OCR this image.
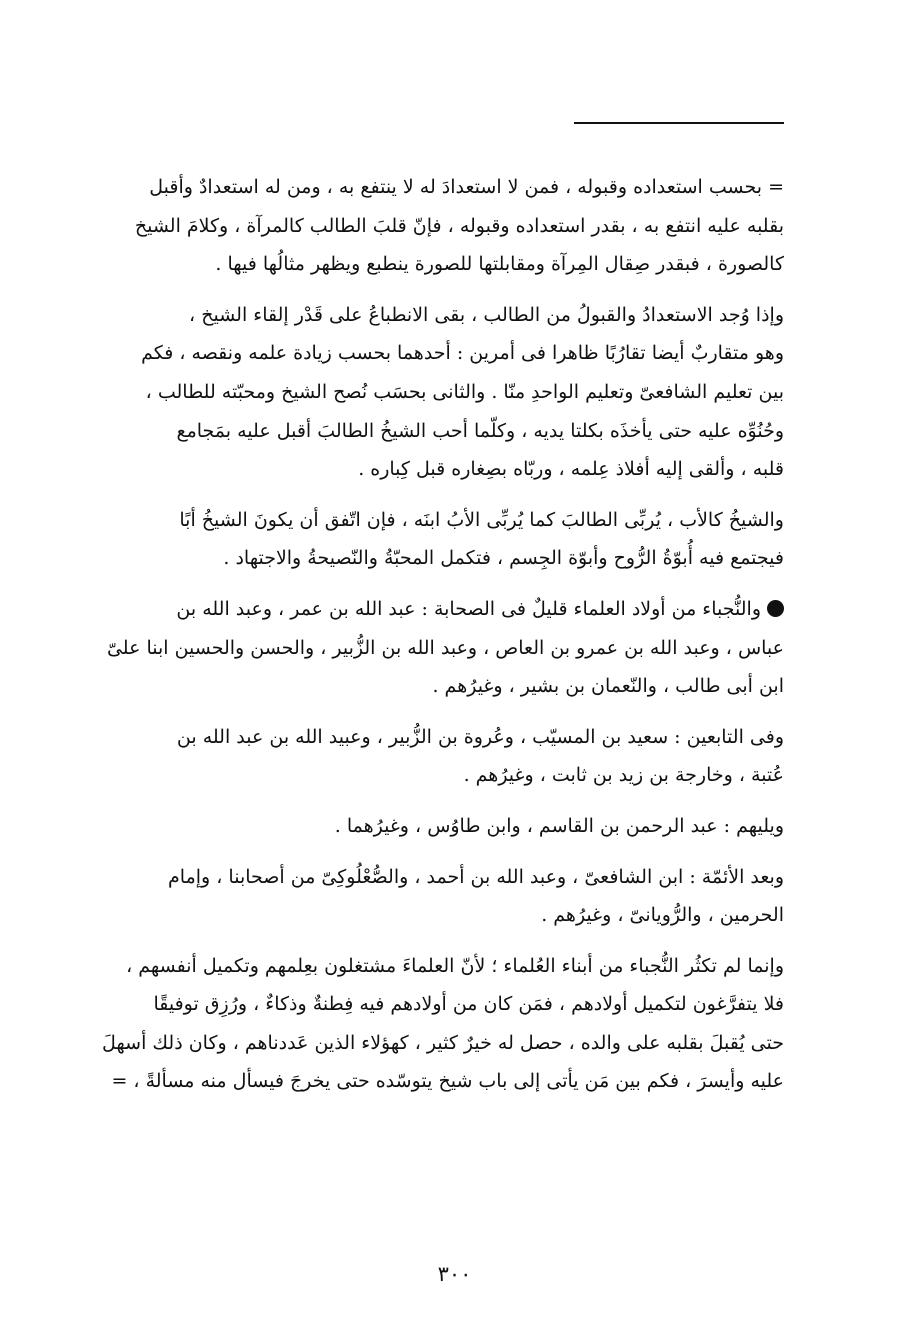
= بحسب استعداده وقبوله ، فمن لا استعدادَ له لا ينتفع به ، ومن له استعدادٌ وأقبل
بقلبه عليه انتفع به ، بقدر استعداده وقبوله ، فإنّ قلبَ الطالب كالمرآة ، وكلامَ الشيخ
كالصورة ، فبقدر صِقال المِرآة ومقابلتها للصورة ينطبع ويظهر مثالُها فيها .
وإذا وُجد الاستعدادُ والقبولُ من الطالب ، بقى الانطباعُ على قَدْر إلقاء الشيخ ،
وهو متقاربٌ أيضا تقارُبًا ظاهرا فى أمرين : أحدهما بحسب زيادة علمه ونقصه ، فكم
بين تعليم الشافعىّ وتعليم الواحدِ منّا . والثانى بحسَب نُصح الشيخ ومحبّته للطالب ،
وحُنُوِّه عليه حتى يأخذَه بكلتا يديه ، وكلّما أحب الشيخُ الطالبَ أقبل عليه بمَجامع
قلبه ، وألقى إليه أفلاذ عِلمه ، وربّاه بصِغاره قبل كِباره .
والشيخُ كالأب ، يُربِّى الطالبَ كما يُربِّى الأبُ ابنَه ، فإن اتّفق أن يكونَ الشيخُ أبًا
فيجتمع فيه أُبوّةُ الرُّوح وأبوّة الجِسم ، فتكمل المحبّةُ والنّصيحةُ والاجتهاد .
والنُّجباء من أولاد العلماء قليلٌ فى الصحابة : عبد الله بن عمر ، وعبد الله بن
عباس ، وعبد الله بن عمرو بن العاص ، وعبد الله بن الزُّبير ، والحسن والحسين ابنا علىّ
ابن أبى طالب ، والنّعمان بن بشير ، وغيرُهم .
وفى التابعين : سعيد بن المسيّب ، وعُروة بن الزُّبير ، وعبيد الله بن عبد الله بن
عُتبة ، وخارجة بن زيد بن ثابت ، وغيرُهم .
ويليهم : عبد الرحمن بن القاسم ، وابن طاوُس ، وغيرُهما .
وبعد الأئمّة : ابن الشافعىّ ، وعبد الله بن أحمد ، والصُّعْلُوكِىّ من أصحابنا ، وإمام
الحرمين ، والرُّويانىّ ، وغيرُهم .
وإنما لم تكثُر النُّجباء من أبناء العُلماء ؛ لأنّ العلماءَ مشتغلون بعِلمهم وتكميل أنفسهم ،
فلا يتفرَّغون لتكميل أولادهم ، فمَن كان من أولادهم فيه فِطنةٌ وذكاءٌ ، ورُزِق توفيقًا
حتى يُقبلَ بقلبه على والده ، حصل له خيرٌ كثير ، كهؤلاء الذين عَددناهم ، وكان ذلك أسهلَ
عليه وأيسرَ ، فكم بين مَن يأتى إلى باب شيخ يتوسّده حتى يخرجَ فيسأل منه مسألةً ، =
٣٠٠
